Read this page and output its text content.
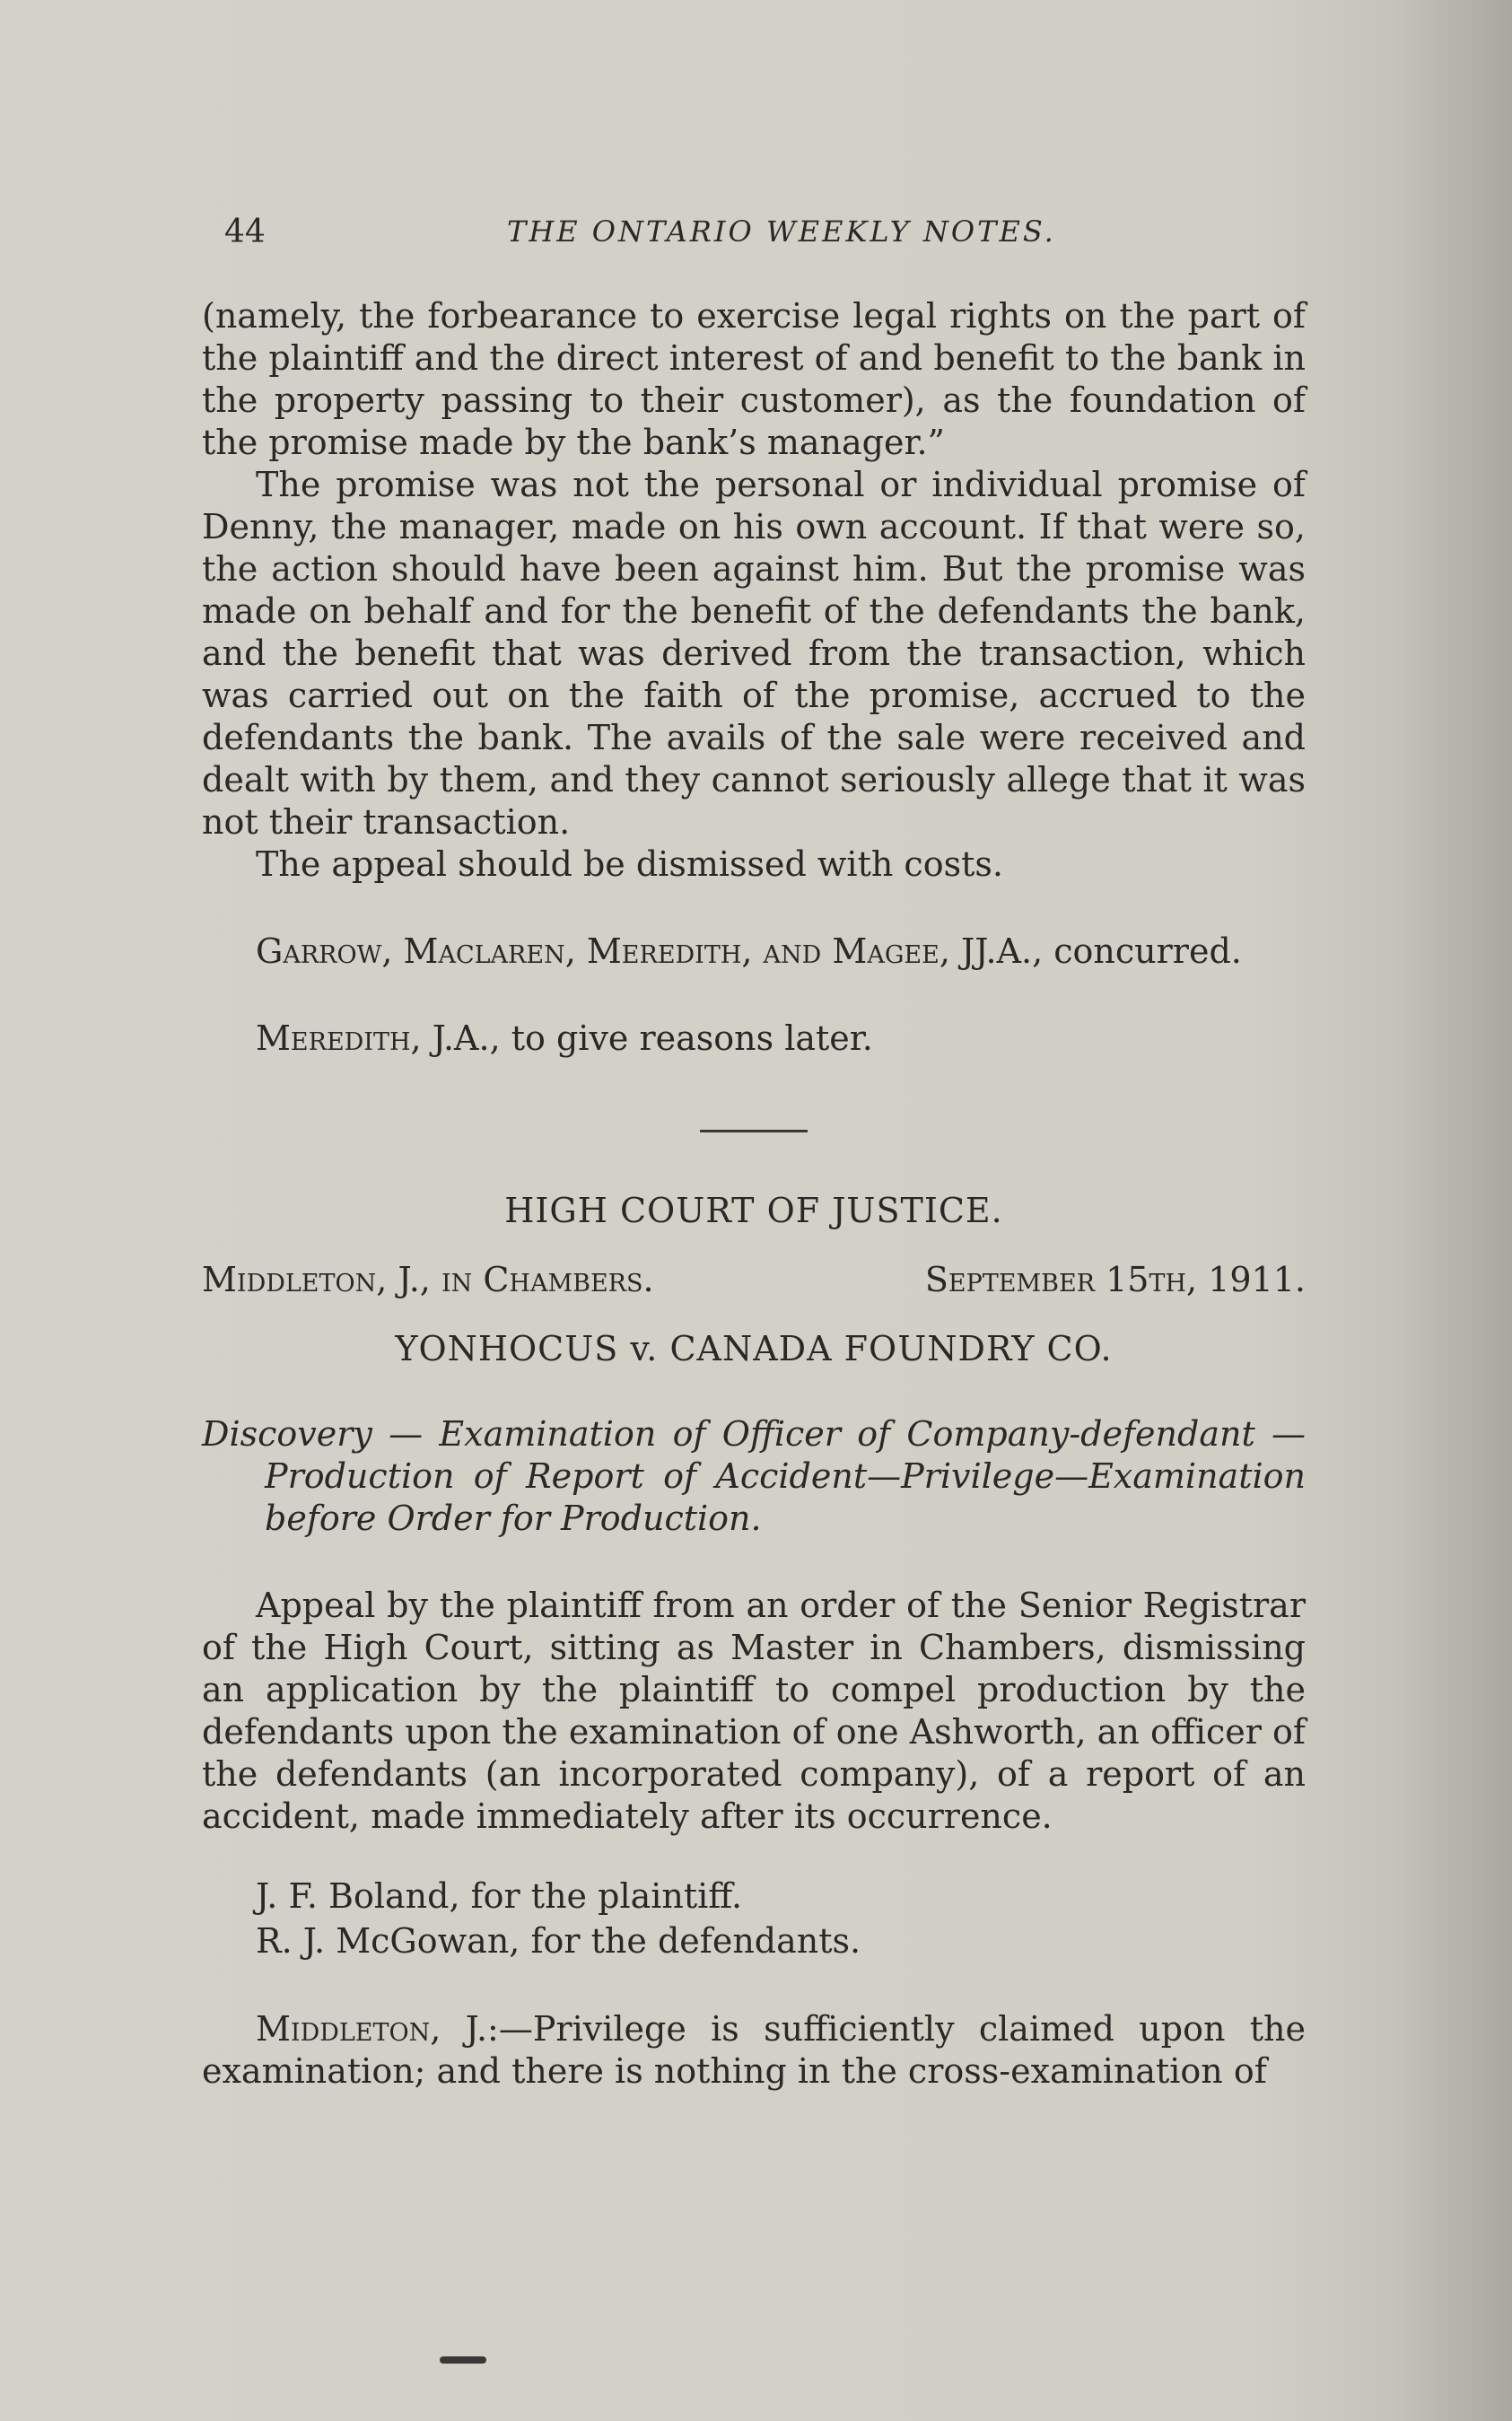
44	THE ONTARIO WEEKLY NOTES.

(namely, the forbearance to exercise legal rights on the part of the plaintiff and the direct interest of and benefit to the bank in the property passing to their customer), as the foundation of the promise made by the bank’s manager.”

The promise was not the personal or individual promise of Denny, the manager, made on his own account. If that were so, the action should have been against him. But the promise was made on behalf and for the benefit of the defendants the bank, and the benefit that was derived from the transaction, which was carried out on the faith of the promise, accrued to the defendants the bank. The avails of the sale were received and dealt with by them, and they cannot seriously allege that it was not their transaction.

The appeal should be dismissed with costs.

Garrow, Maclaren, Meredith, and Magee, JJ.A., concurred.

Meredith, J.A., to give reasons later.

HIGH COURT OF JUSTICE.

Middleton, J., in Chambers.	September 15th, 1911.

YONHOCUS v. CANADA FOUNDRY CO.

Discovery — Examination of Officer of Company-defendant —Production of Report of Accident—Privilege—Examination before Order for Production.

Appeal by the plaintiff from an order of the Senior Registrar of the High Court, sitting as Master in Chambers, dismissing an application by the plaintiff to compel production by the defendants upon the examination of one Ashworth, an officer of the defendants (an incorporated company), of a report of an accident, made immediately after its occurrence.

J. F. Boland, for the plaintiff.

R. J. McGowan, for the defendants.

Middleton, J.:—Privilege is sufficiently claimed upon the examination; and there is nothing in the cross-examination of
